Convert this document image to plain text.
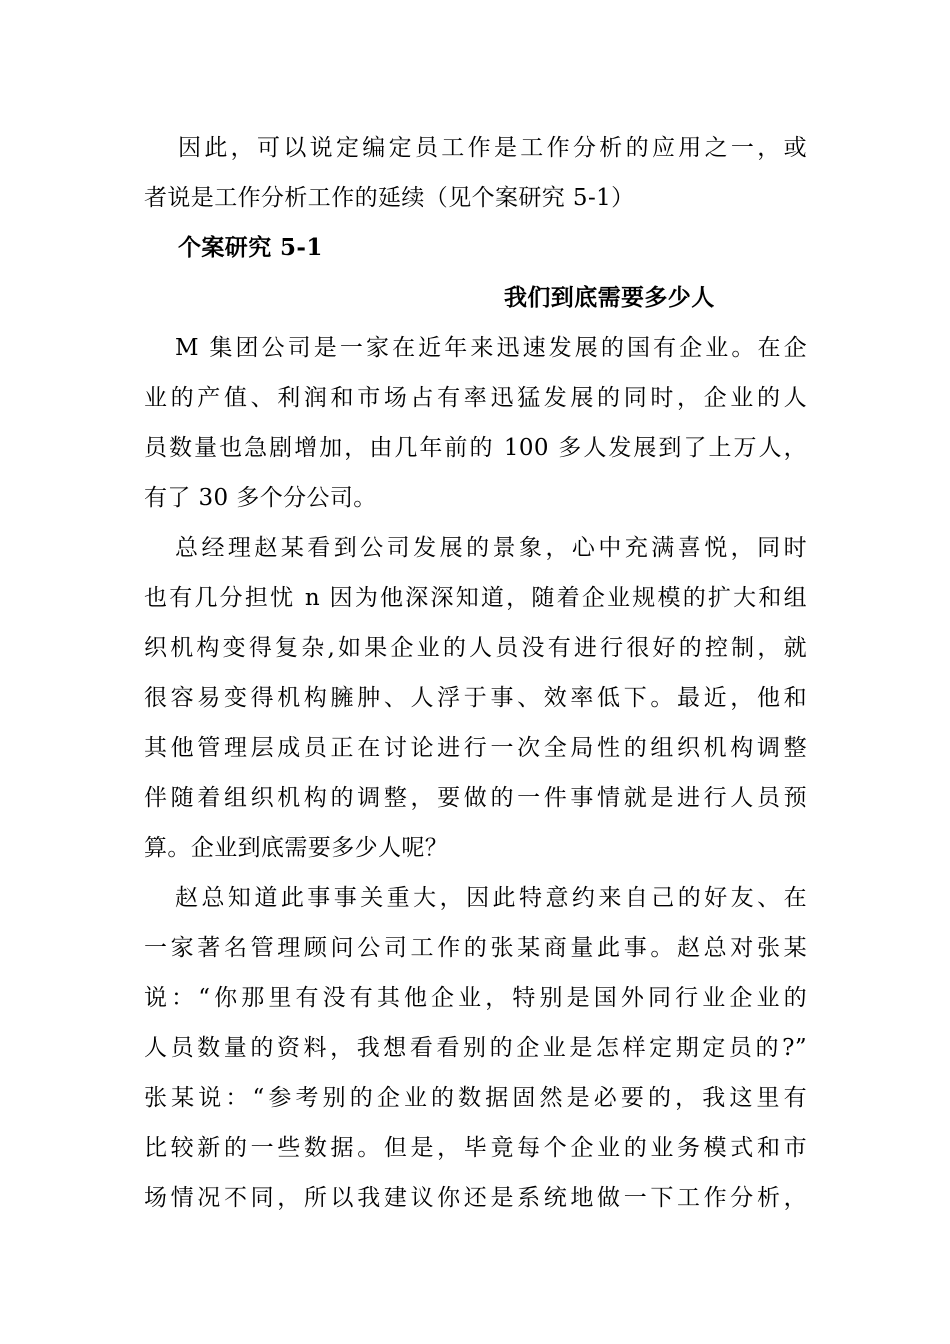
因此，可以说定编定员工作是工作分析的应用之一，或
者说是工作分析工作的延续（见个案研究 5-1）
个案研究 5-1
我们到底需要多少人
M 集团公司是一家在近年来迅速发展的国有企业。在企
业的产值、利润和市场占有率迅猛发展的同时，企业的人
员数量也急剧增加，由几年前的 100 多人发展到了上万人，
有了 30 多个分公司。
总经理赵某看到公司发展的景象，心中充满喜悦，同时
也有几分担忧 n 因为他深深知道，随着企业规模的扩大和组
织机构变得复杂,如果企业的人员没有进行很好的控制，就
很容易变得机构臃肿、人浮于事、效率低下。最近，他和
其他管理层成员正在讨论进行一次全局性的组织机构调整
伴随着组织机构的调整，要做的一件事情就是进行人员预
算。企业到底需要多少人呢？
赵总知道此事事关重大，因此特意约来自己的好友、在
一家著名管理顾问公司工作的张某商量此事。赵总对张某
说：“你那里有没有其他企业，特别是国外同行业企业的
人员数量的资料，我想看看别的企业是怎样定期定员的?”
张某说：“参考别的企业的数据固然是必要的，我这里有
比较新的一些数据。但是，毕竟每个企业的业务模式和市
场情况不同，所以我建议你还是系统地做一下工作分析，
